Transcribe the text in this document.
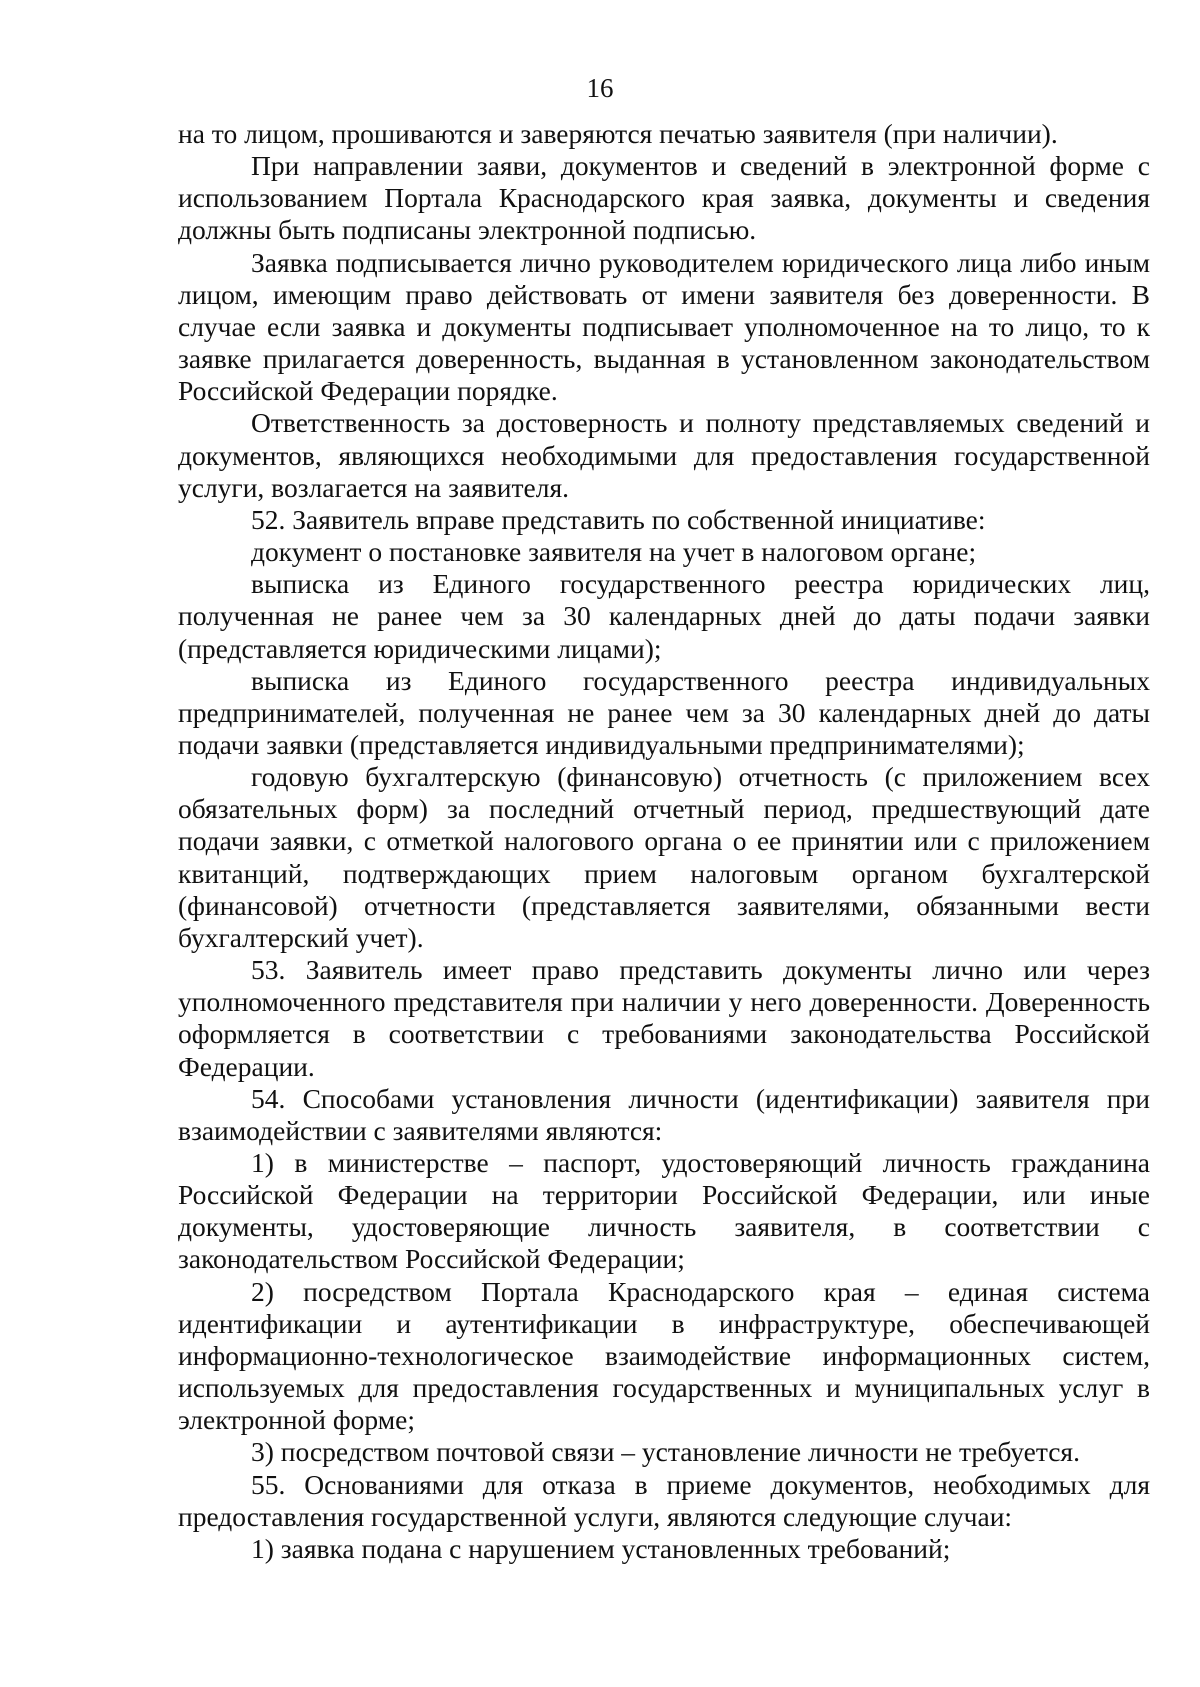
16

на то лицом, прошиваются и заверяются печатью заявителя (при наличии).

При направлении заяви, документов и сведений в электронной форме с использованием Портала Краснодарского края заявка, документы и сведения должны быть подписаны электронной подписью.

Заявка подписывается лично руководителем юридического лица либо иным лицом, имеющим право действовать от имени заявителя без доверенности. В случае если заявка и документы подписывает уполномоченное на то лицо, то к заявке прилагается доверенность, выданная в установленном законодательством Российской Федерации порядке.

Ответственность за достоверность и полноту представляемых сведений и документов, являющихся необходимыми для предоставления государственной услуги, возлагается на заявителя.

52. Заявитель вправе представить по собственной инициативе:

документ о постановке заявителя на учет в налоговом органе;

выписка из Единого государственного реестра юридических лиц, полученная не ранее чем за 30 календарных дней до даты подачи заявки (представляется юридическими лицами);

выписка из Единого государственного реестра индивидуальных предпринимателей, полученная не ранее чем за 30 календарных дней до даты подачи заявки (представляется индивидуальными предпринимателями);

годовую бухгалтерскую (финансовую) отчетность (с приложением всех обязательных форм) за последний отчетный период, предшествующий дате подачи заявки, с отметкой налогового органа о ее принятии или с приложением квитанций, подтверждающих прием налоговым органом бухгалтерской (финансовой) отчетности (представляется заявителями, обязанными вести бухгалтерский учет).

53. Заявитель имеет право представить документы лично или через уполномоченного представителя при наличии у него доверенности. Доверенность оформляется в соответствии с требованиями законодательства Российской Федерации.

54. Способами установления личности (идентификации) заявителя при взаимодействии с заявителями являются:

1) в министерстве – паспорт, удостоверяющий личность гражданина Российской Федерации на территории Российской Федерации, или иные документы, удостоверяющие личность заявителя, в соответствии с законодательством Российской Федерации;

2) посредством Портала Краснодарского края – единая система идентификации и аутентификации в инфраструктуре, обеспечивающей информационно-технологическое взаимодействие информационных систем, используемых для предоставления государственных и муниципальных услуг в электронной форме;

3) посредством почтовой связи – установление личности не требуется.

55. Основаниями для отказа в приеме документов, необходимых для предоставления государственной услуги, являются следующие случаи:

1) заявка подана с нарушением установленных требований;
